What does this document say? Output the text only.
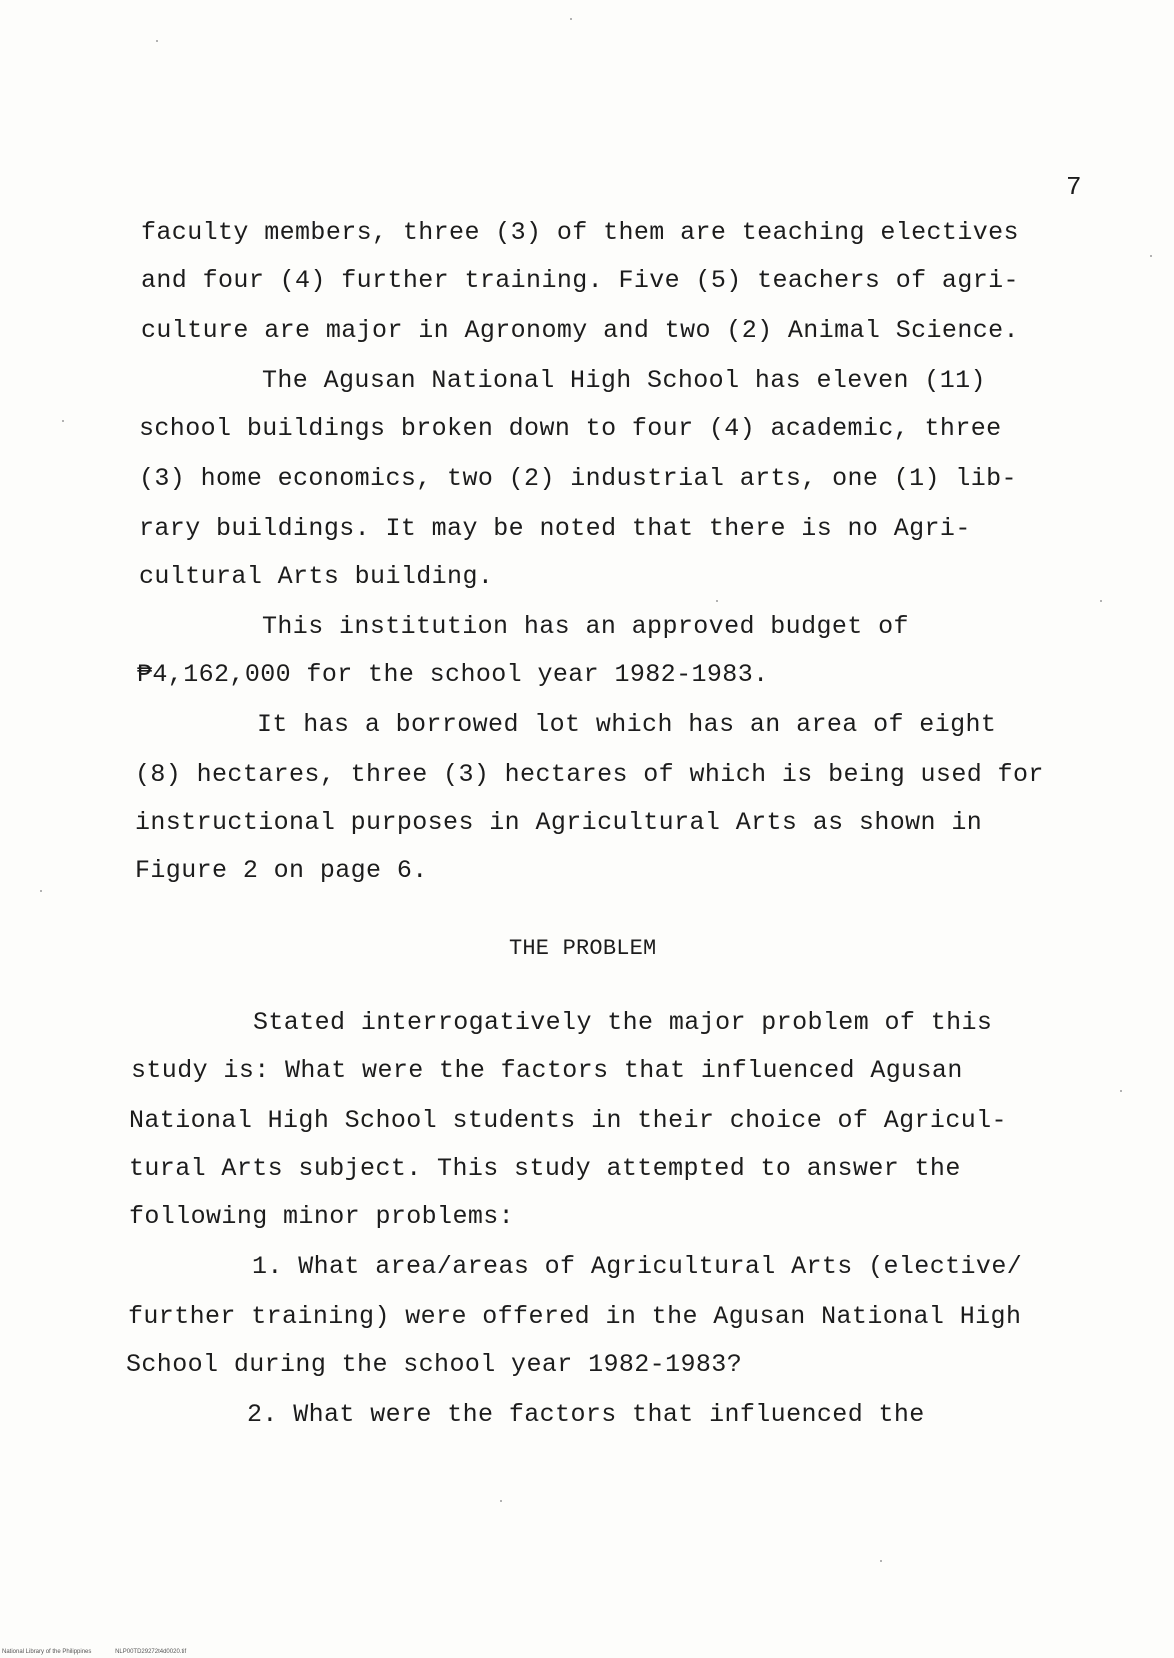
7
faculty members, three (3) of them are teaching electives
and four (4) further training. Five (5) teachers of agri-
culture are major in Agronomy and two (2) Animal Science.
The Agusan National High School has eleven (11)
school buildings broken down to four (4) academic, three
(3) home economics, two (2) industrial arts, one (1) lib-
rary buildings. It may be noted that there is no Agri-
cultural Arts building.
This institution has an approved budget of
₱4,162,000 for the school year 1982-1983.
It has a borrowed lot which has an area of eight
(8) hectares, three (3) hectares of which is being used for
instructional purposes in Agricultural Arts as shown in
Figure 2 on page 6.
THE PROBLEM
Stated interrogatively the major problem of this
study is: What were the factors that influenced Agusan
National High School students in their choice of Agricul-
tural Arts subject. This study attempted to answer the
following minor problems:
1. What area/areas of Agricultural Arts (elective/
further training) were offered in the Agusan National High
School during the school year 1982-1983?
2. What were the factors that influenced the
National Library of the Philippines	NLP00TD29272t4d0020.tif
